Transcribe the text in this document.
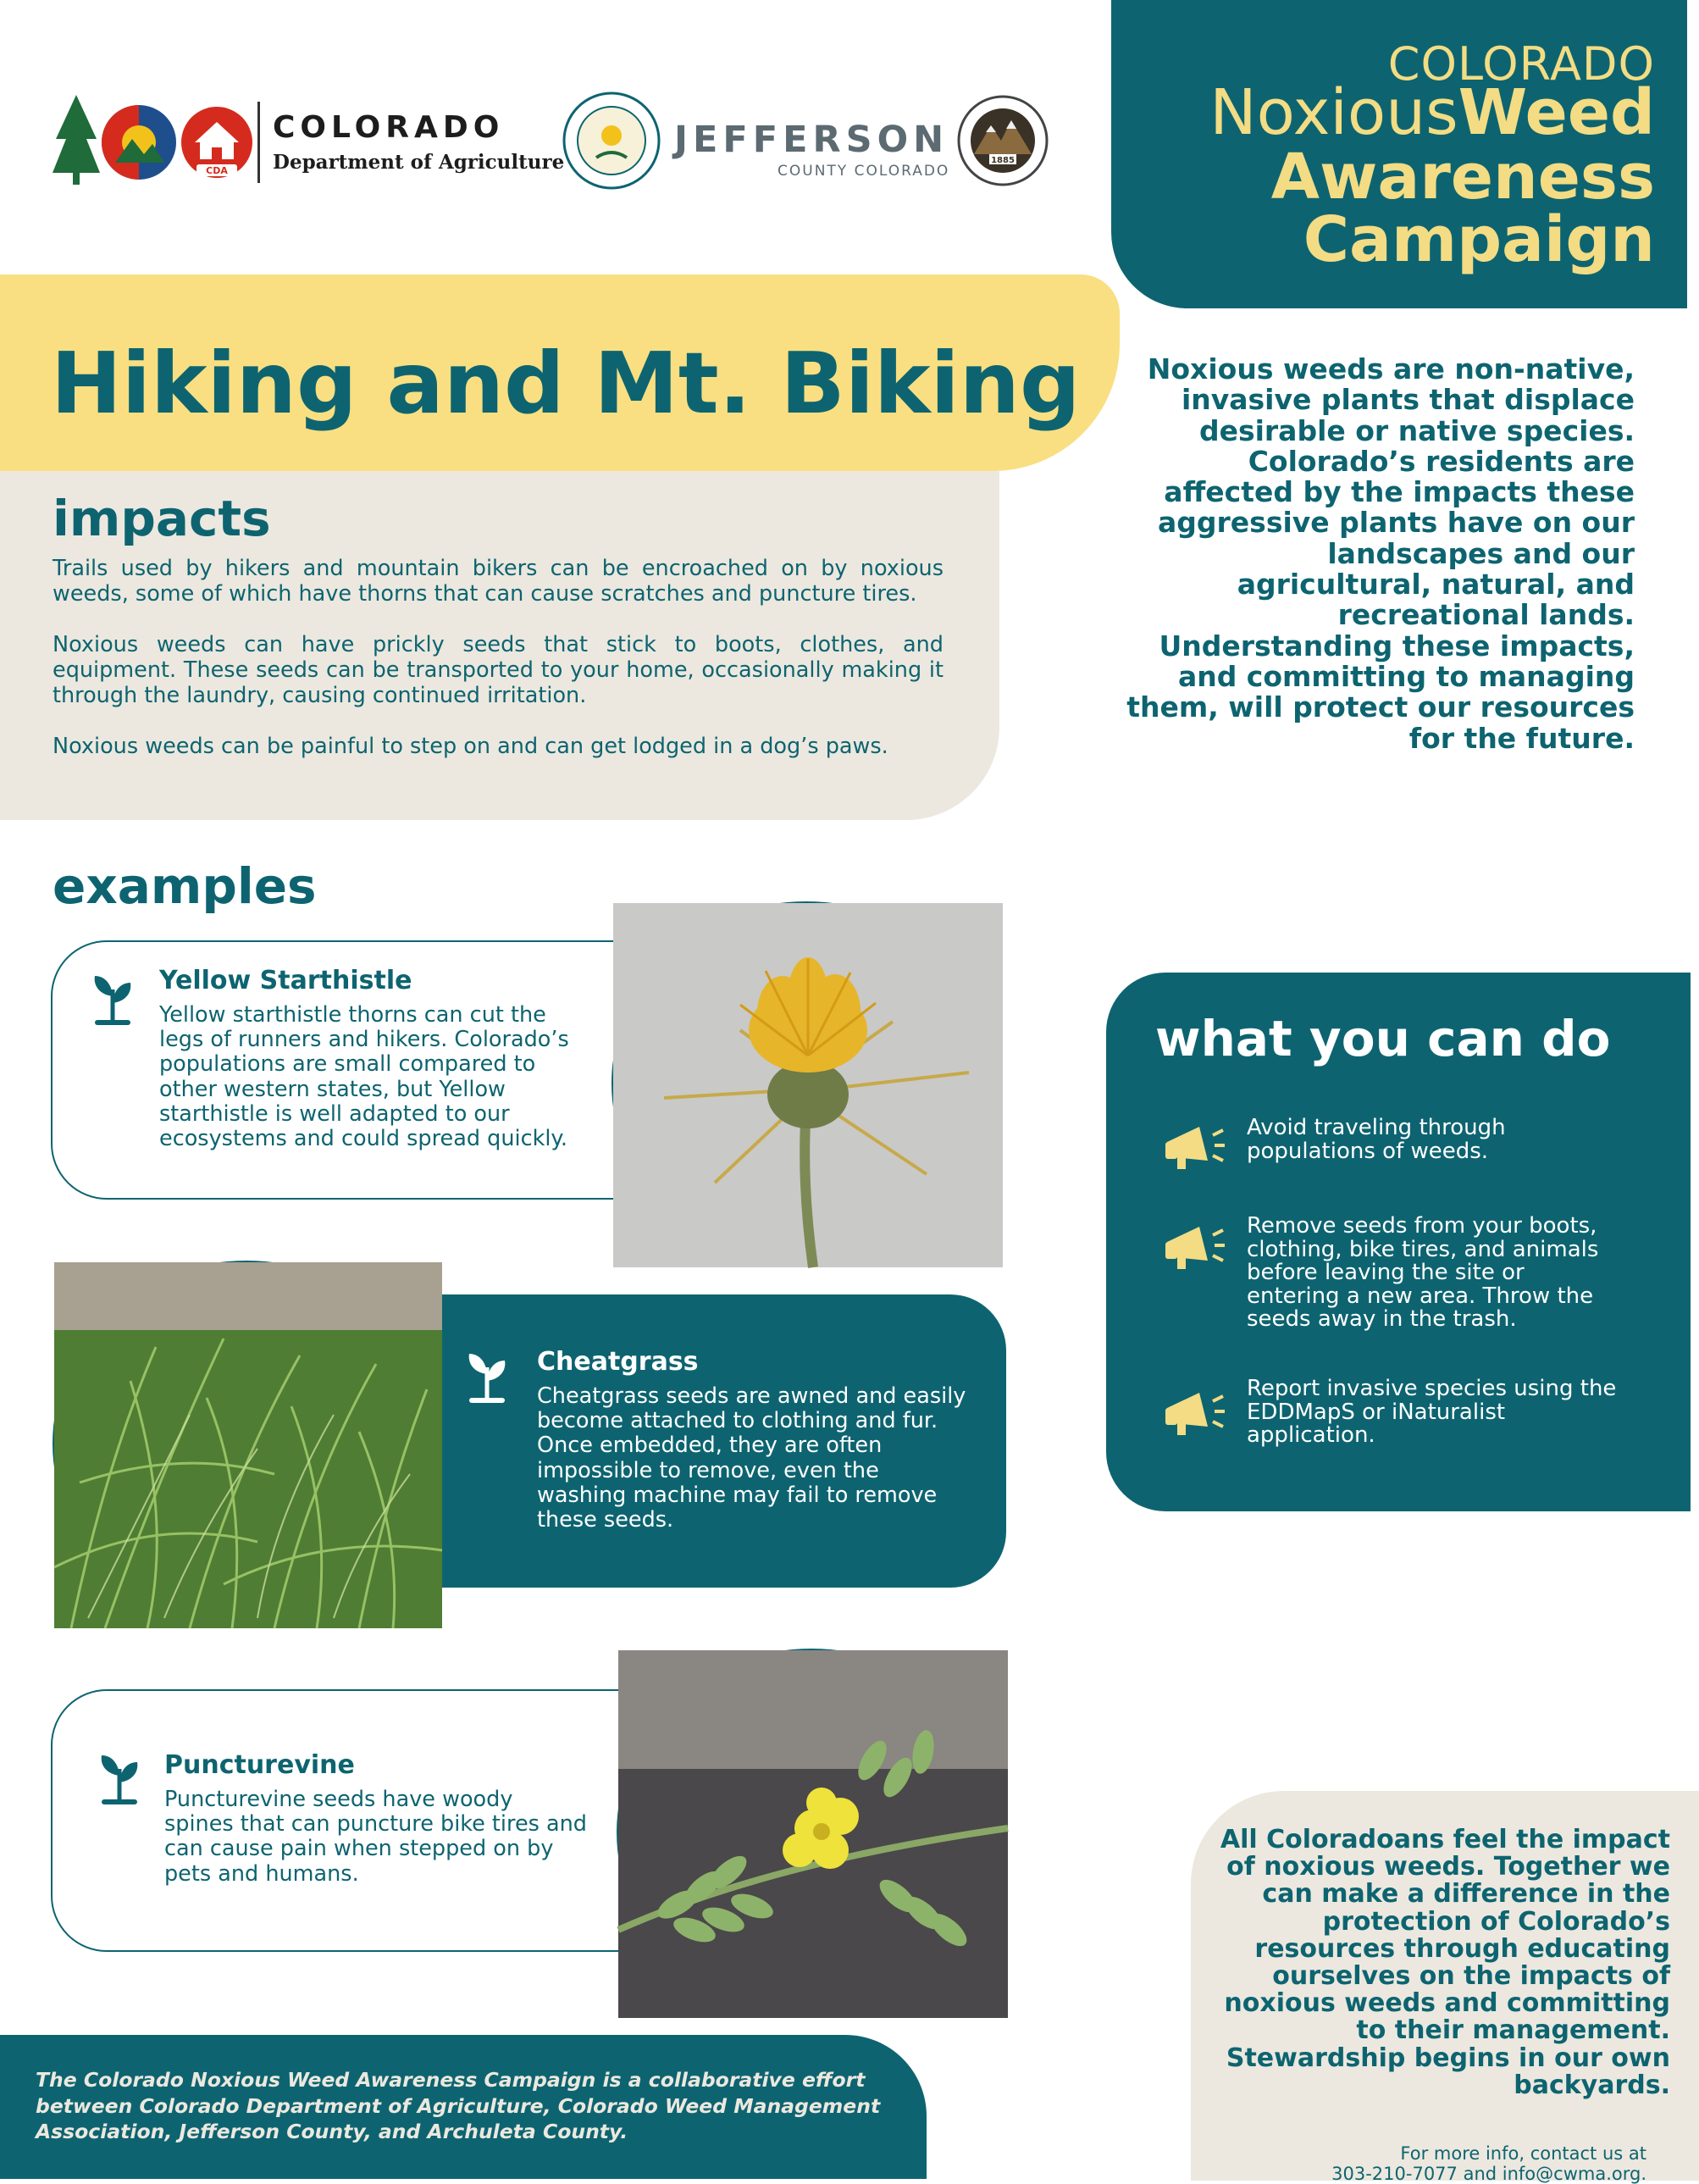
CDA
COLORADO
Department of Agriculture
JEFFERSON
COUNTY COLORADO
1885
COLORADO
NoxiousWeed
Awareness
Campaign
Hiking and Mt. Biking	Noxious weeds are non-native, invasive plants that displace desirable or native species. Colorado’s residents are affected by the impacts these aggressive plants have on our landscapes and our agricultural, natural, and recreational lands. Understanding these impacts, and committing to managing them, will protect our resources for the future.
impacts

Trails used by hikers and mountain bikers can be encroached on by noxious weeds, some of which have thorns that can cause scratches and puncture tires.

Noxious weeds can have prickly seeds that stick to boots, clothes, and equipment. These seeds can be transported to your home, occasionally making it through the laundry, causing continued irritation.

Noxious weeds can be painful to step on and can get lodged in a dog’s paws.

examples
Yellow Starthistle
Yellow starthistle thorns can cut the legs of runners and hikers. Colorado’s populations are small compared to other western states, but Yellow starthistle is well adapted to our ecosystems and could spread quickly.
Cheatgrass
Cheatgrass seeds are awned and easily become attached to clothing and fur. Once embedded, they are often impossible to remove, even the washing machine may fail to remove these seeds.
Puncturevine
Puncturevine seeds have woody spines that can puncture bike tires and can cause pain when stepped on by pets and humans.
what you can do
Avoid traveling through populations of weeds.
Remove seeds from your boots, clothing, bike tires, and animals before leaving the site or entering a new area. Throw the seeds away in the trash.
Report invasive species using the EDDMapS or iNaturalist application.
All Coloradoans feel the impact of noxious weeds. Together we can make a difference in the protection of Colorado’s resources through educating ourselves on the impacts of noxious weeds and committing to their management. Stewardship begins in our own backyards.
For more info, contact us at
303-210-7077 and info@cwma.org.
The Colorado Noxious Weed Awareness Campaign is a collaborative effort between Colorado Department of Agriculture, Colorado Weed Management Association, Jefferson County, and Archuleta County.
